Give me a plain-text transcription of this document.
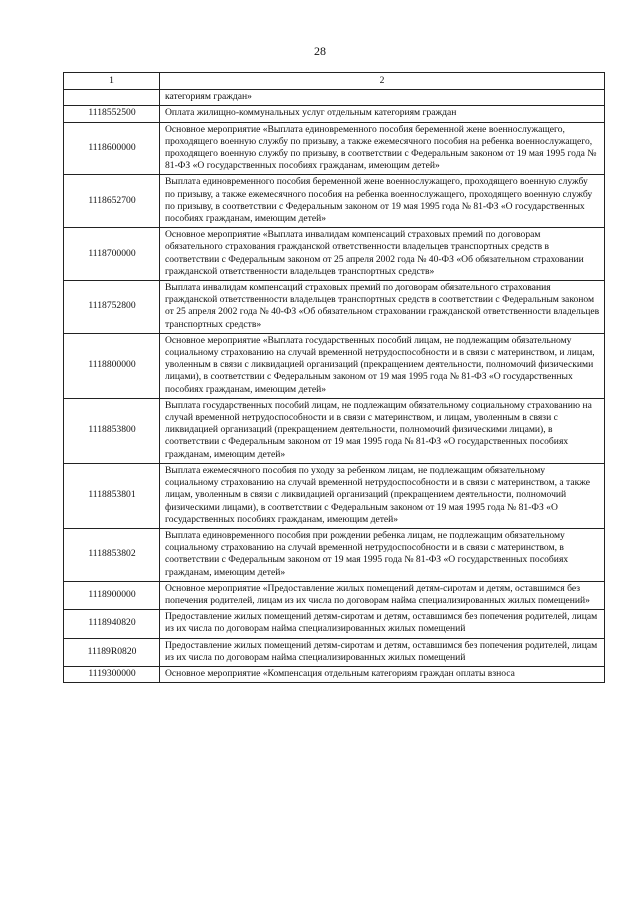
28
1	2
	категориям граждан»
1118552500	Оплата жилищно-коммунальных услуг отдельным категориям граждан
1118600000	Основное мероприятие «Выплата единовременного пособия беременной жене военнослужащего, проходящего военную службу по призыву, а также ежемесячного пособия на ребенка военнослужащего, проходящего военную службу по призыву, в соответствии с Федеральным законом от 19 мая 1995 года № 81-ФЗ «О государственных пособиях гражданам, имеющим детей»
1118652700	Выплата единовременного пособия беременной жене военнослужащего, проходящего военную службу по призыву, а также ежемесячного пособия на ребенка военнослужащего, проходящего военную службу по призыву, в соответствии с Федеральным законом от 19 мая 1995 года № 81-ФЗ «О государственных пособиях гражданам, имеющим детей»
1118700000	Основное мероприятие «Выплата инвалидам компенсаций страховых премий по договорам обязательного страхования гражданской ответственности владельцев транспортных средств в соответствии с Федеральным законом от 25 апреля 2002 года № 40-ФЗ «Об обязательном страховании гражданской ответственности владельцев транспортных средств»
1118752800	Выплата инвалидам компенсаций страховых премий по договорам обязательного страхования гражданской ответственности владельцев транспортных средств в соответствии с Федеральным законом от 25 апреля 2002 года № 40-ФЗ «Об обязательном страховании гражданской ответственности владельцев транспортных средств»
1118800000	Основное мероприятие «Выплата государственных пособий лицам, не подлежащим обязательному социальному страхованию на случай временной нетрудоспособности и в связи с материнством, и лицам, уволенным в связи с ликвидацией организаций (прекращением деятельности, полномочий физическими лицами), в соответствии с Федеральным законом от 19 мая 1995 года № 81-ФЗ «О государственных пособиях гражданам, имеющим детей»
1118853800	Выплата государственных пособий лицам, не подлежащим обязательному социальному страхованию на случай временной нетрудоспособности и в связи с материнством, и лицам, уволенным в связи с ликвидацией организаций (прекращением деятельности, полномочий физическими лицами), в соответствии с Федеральным законом от 19 мая 1995 года № 81-ФЗ «О государственных пособиях гражданам, имеющим детей»
1118853801	Выплата ежемесячного пособия по уходу за ребенком лицам, не подлежащим обязательному социальному страхованию на случай временной нетрудоспособности и в связи с материнством, а также лицам, уволенным в связи с ликвидацией организаций (прекращением деятельности, полномочий физическими лицами), в соответствии с Федеральным законом от 19 мая 1995 года № 81-ФЗ «О государственных пособиях гражданам, имеющим детей»
1118853802	Выплата единовременного пособия при рождении ребенка лицам, не подлежащим обязательному социальному страхованию на случай временной нетрудоспособности и в связи с материнством, в соответствии с Федеральным законом от 19 мая 1995 года № 81-ФЗ «О государственных пособиях гражданам, имеющим детей»
1118900000	Основное мероприятие «Предоставление жилых помещений детям-сиротам и детям, оставшимся без попечения родителей, лицам из их числа по договорам найма специализированных жилых помещений»
1118940820	Предоставление жилых помещений детям-сиротам и детям, оставшимся без попечения родителей, лицам из их числа по договорам найма специализированных жилых помещений
11189R0820	Предоставление жилых помещений детям-сиротам и детям, оставшимся без попечения родителей, лицам из их числа по договорам найма специализированных жилых помещений
1119300000	Основное мероприятие «Компенсация отдельным категориям граждан оплаты взноса
